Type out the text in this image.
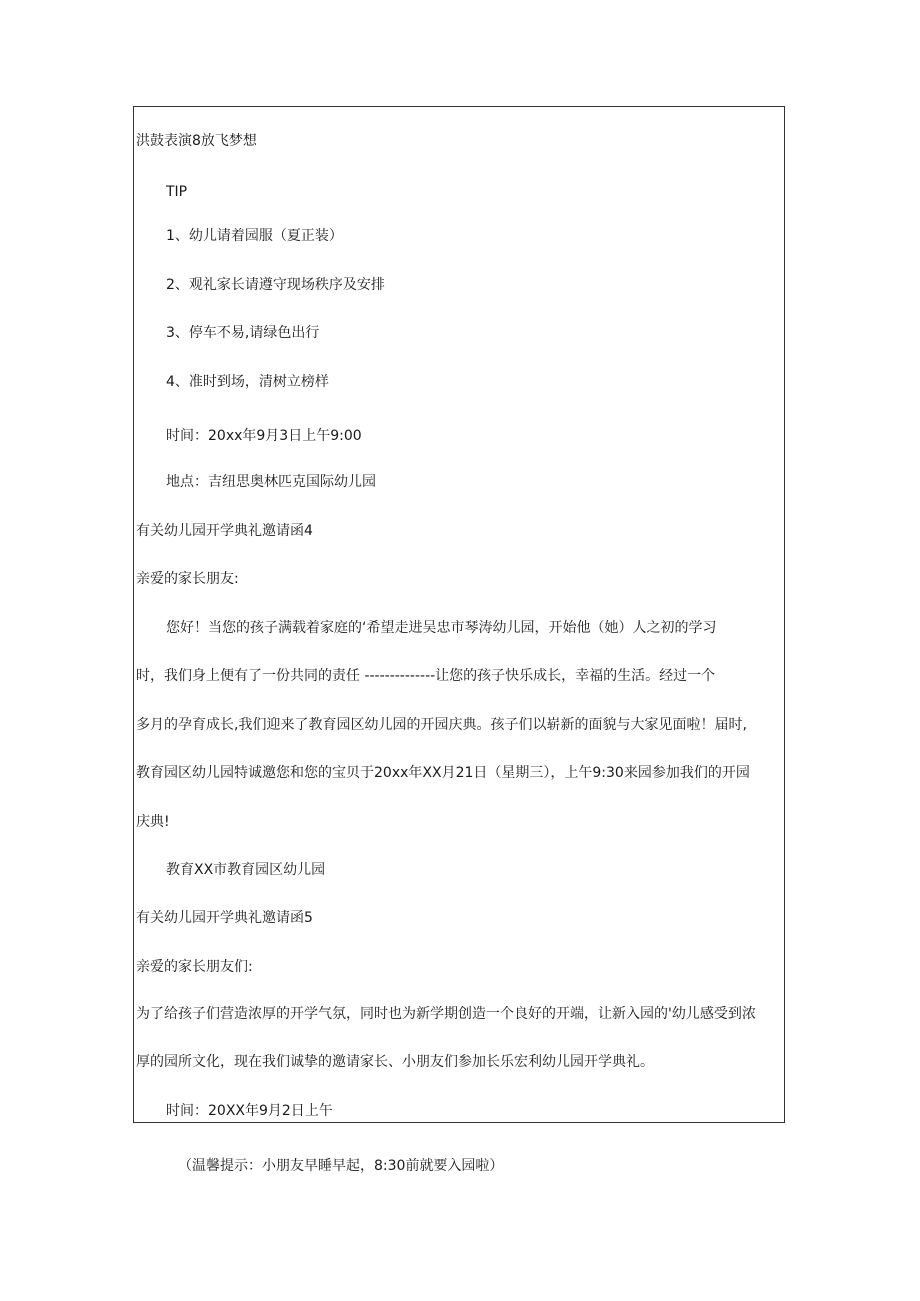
洪鼓表演8放飞梦想
TIP
1、幼儿请着园服（夏正装）
2、观礼家长请遵守现场秩序及安排
3、停车不易,请绿色出行
4、准时到场，清树立榜样
时间：20xx年9月3日上午9:00
地点：吉纽思奥林匹克国际幼儿园
有关幼儿园开学典礼邀请函4
亲爱的家长朋友:
您好！当您的孩子满载着家庭的‘希望走进吴忠市琴涛幼儿园，开始他（她）人之初的学习
时，我们身上便有了一份共同的责任 --------------让您的孩子快乐成长，幸福的生活。经过一个
多月的孕育成长,我们迎来了教育园区幼儿园的开园庆典。孩子们以崭新的面貌与大家见面啦！届时,
教育园区幼儿园特诚邀您和您的宝贝于20xx年XX月21日（星期三），上午9:30来园参加我们的开园
庆典!
教育XX市教育园区幼儿园
有关幼儿园开学典礼邀请函5
亲爱的家长朋友们:
为了给孩子们营造浓厚的开学气氛，同时也为新学期创造一个良好的开端，让新入园的'幼儿感受到浓
厚的园所文化，现在我们诚挚的邀请家长、小朋友们参加长乐宏利幼儿园开学典礼。
时间：20XX年9月2日上午
（温馨提示：小朋友早睡早起，8:30前就要入园啦）
